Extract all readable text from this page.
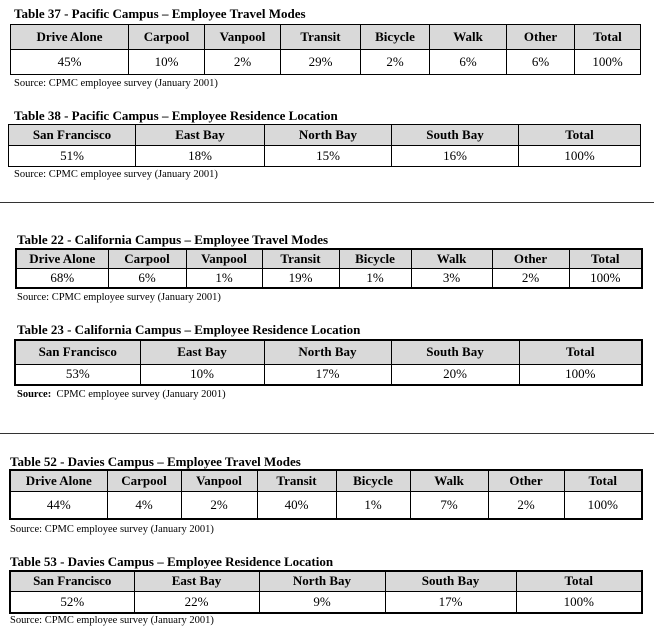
Table 37 - Pacific Campus – Employee Travel Modes
Drive Alone	Carpool	Vanpool	Transit	Bicycle	Walk	Other	Total
45%	10%	2%	29%	2%	6%	6%	100%
Source: CPMC employee survey (January 2001)
Table 38 - Pacific Campus – Employee Residence Location
San Francisco	East Bay	North Bay	South Bay	Total
51%	18%	15%	16%	100%
Source: CPMC employee survey (January 2001)
Table 22 - California Campus – Employee Travel Modes
Drive Alone	Carpool	Vanpool	Transit	Bicycle	Walk	Other	Total
68%	6%	1%	19%	1%	3%	2%	100%
Source: CPMC employee survey (January 2001)
Table 23 - California Campus – Employee Residence Location
San Francisco	East Bay	North Bay	South Bay	Total
53%	10%	17%	20%	100%
Source:  CPMC employee survey (January 2001)
Table 52 - Davies Campus – Employee Travel Modes
Drive Alone	Carpool	Vanpool	Transit	Bicycle	Walk	Other	Total
44%	4%	2%	40%	1%	7%	2%	100%
Source: CPMC employee survey (January 2001)
Table 53 - Davies Campus – Employee Residence Location
San Francisco	East Bay	North Bay	South Bay	Total
52%	22%	9%	17%	100%
Source: CPMC employee survey (January 2001)
